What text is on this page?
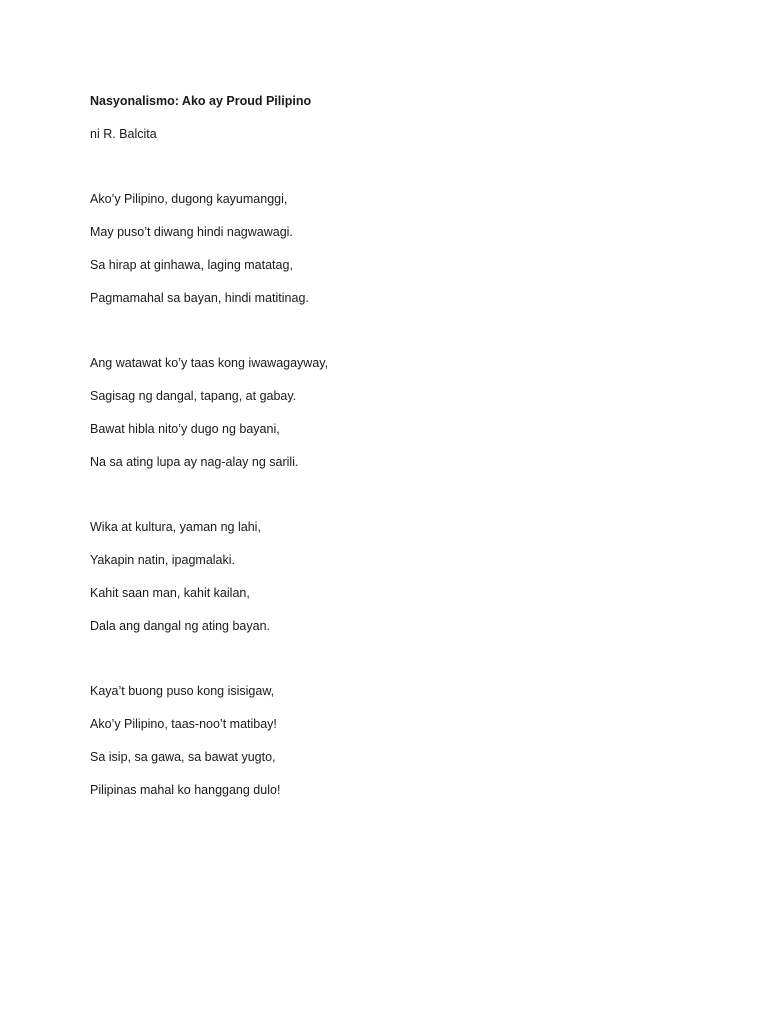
Nasyonalismo: Ako ay Proud Pilipino

ni R. Balcita

Ako’y Pilipino, dugong kayumanggi,

May puso’t diwang hindi nagwawagi.

Sa hirap at ginhawa, laging matatag,

Pagmamahal sa bayan, hindi matitinag.

Ang watawat ko’y taas kong iwawagayway,

Sagisag ng dangal, tapang, at gabay.

Bawat hibla nito’y dugo ng bayani,

Na sa ating lupa ay nag-alay ng sarili.

Wika at kultura, yaman ng lahi,

Yakapin natin, ipagmalaki.

Kahit saan man, kahit kailan,

Dala ang dangal ng ating bayan.

Kaya’t buong puso kong isisigaw,

Ako’y Pilipino, taas-noo’t matibay!

Sa isip, sa gawa, sa bawat yugto,

Pilipinas mahal ko hanggang dulo!
